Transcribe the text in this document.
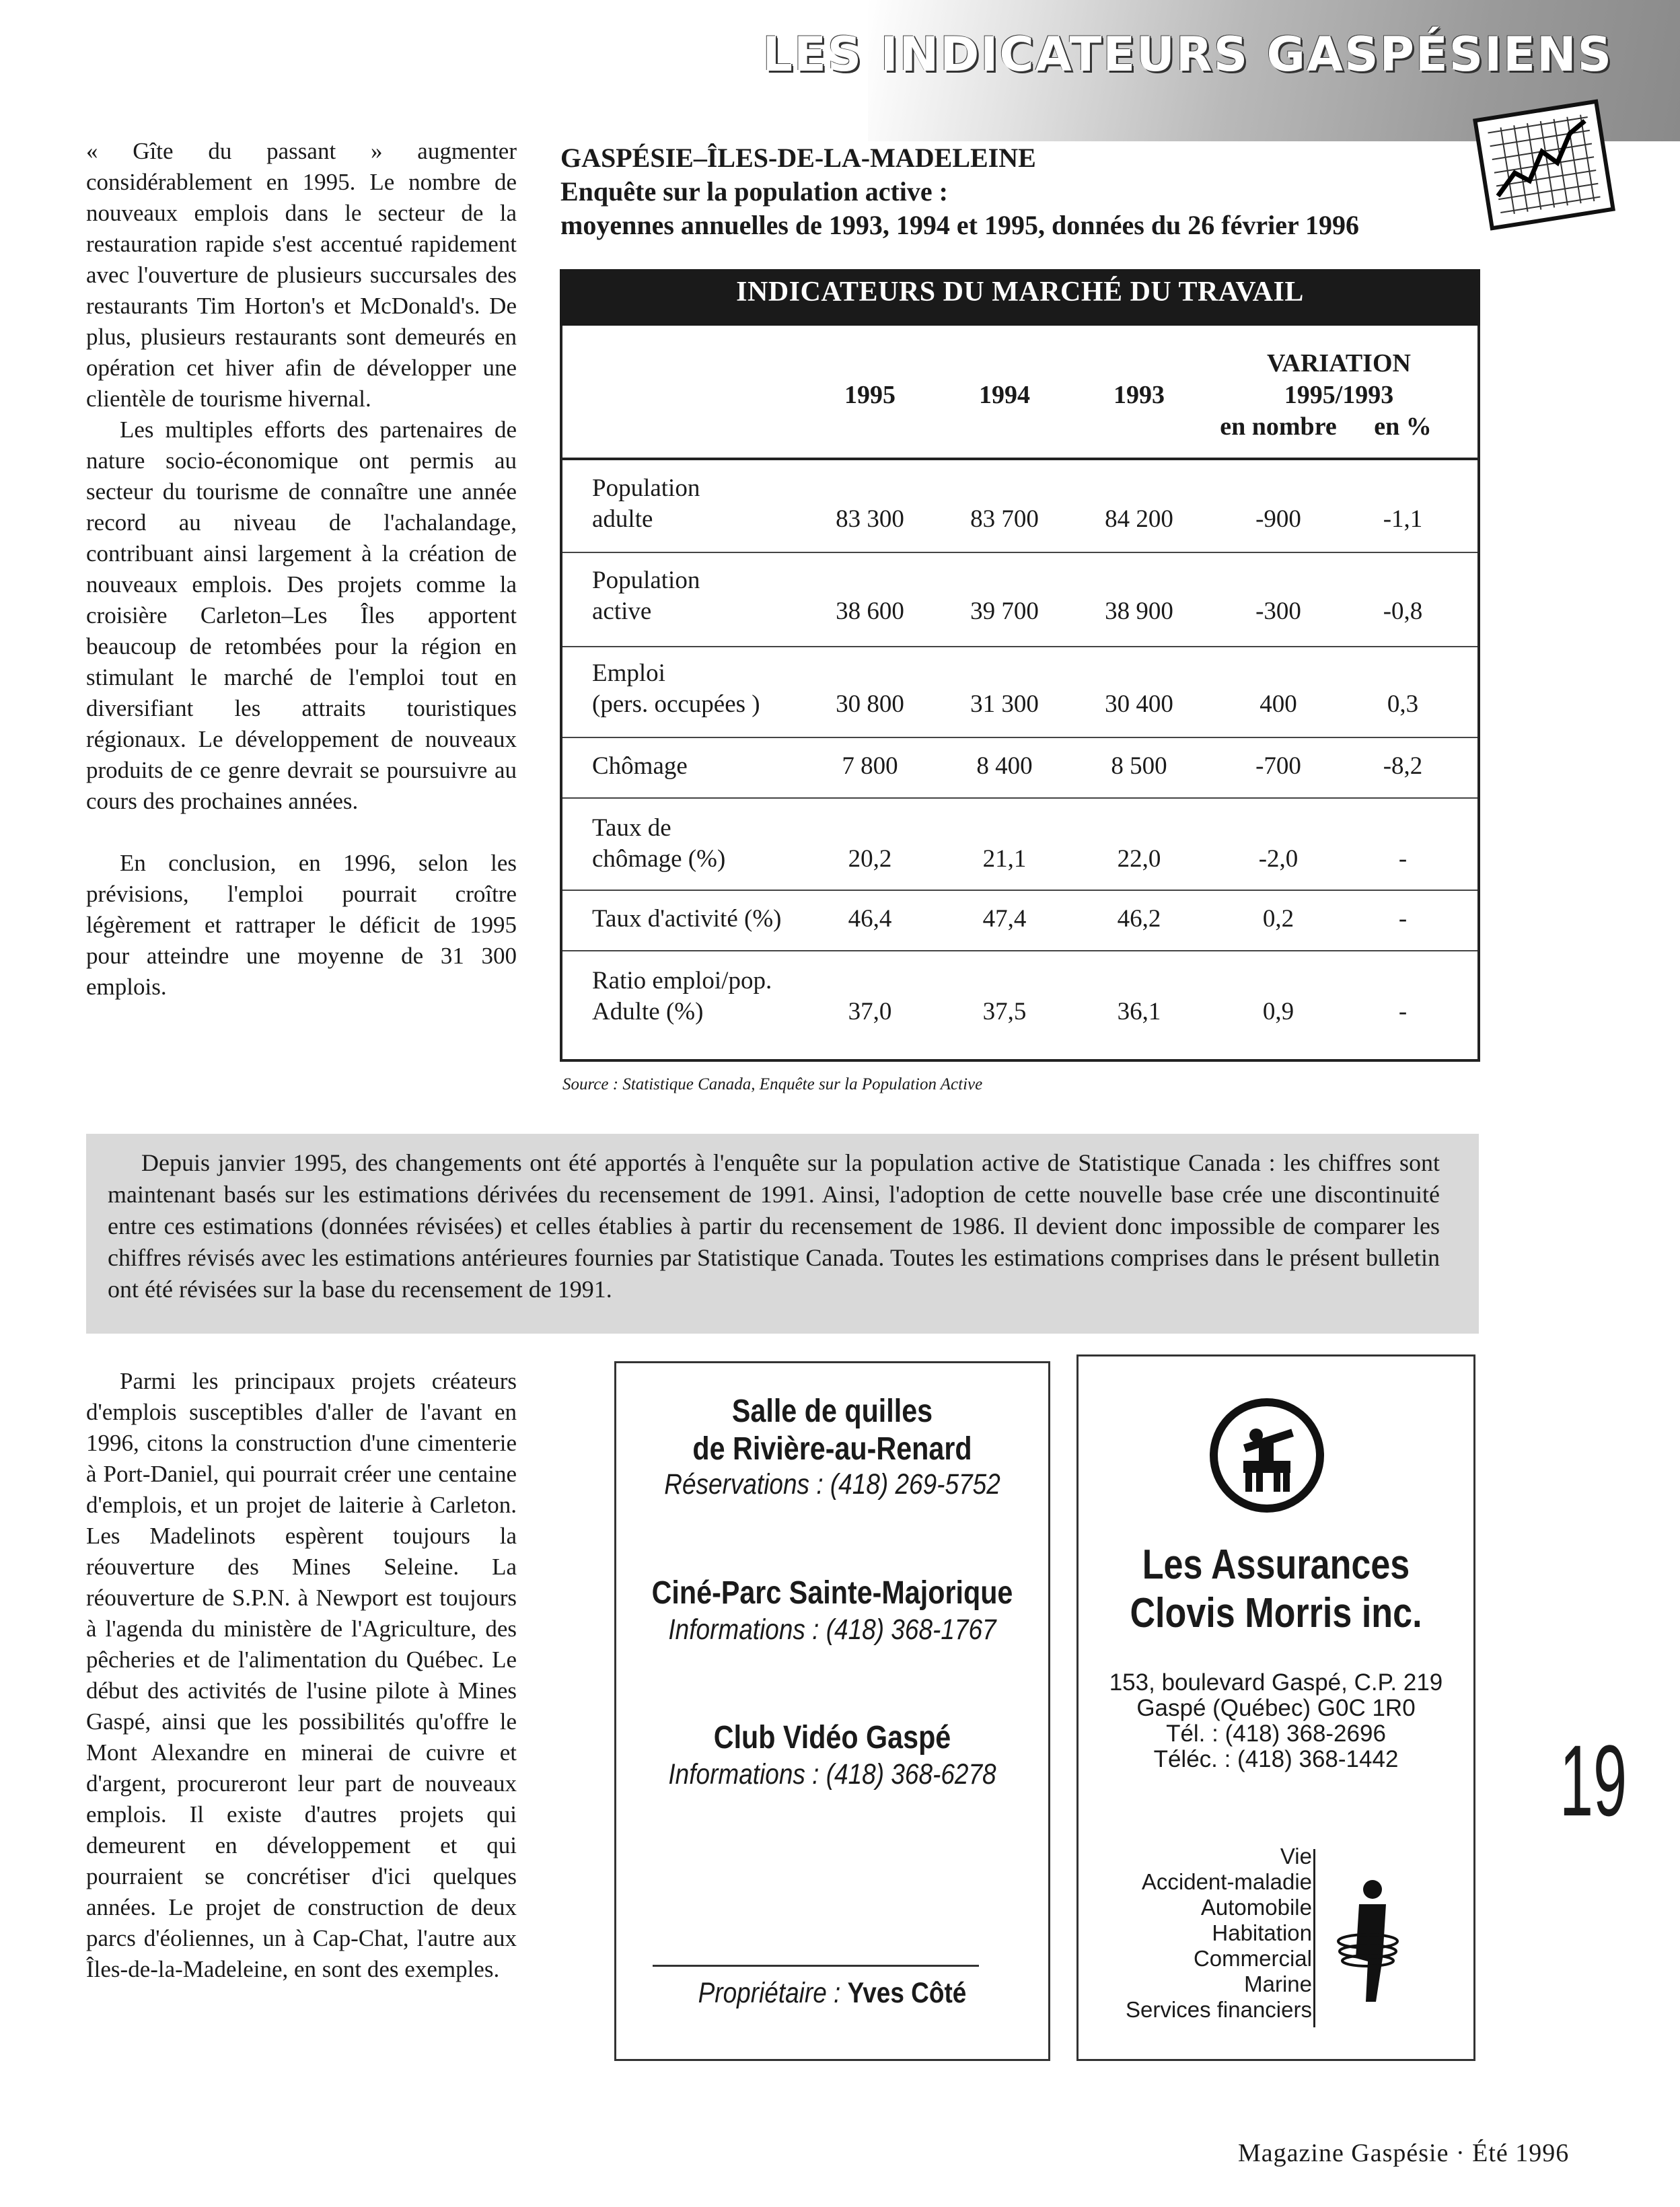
LES INDICATEURS GASPÉSIENS

« Gîte du passant » augmenter considérablement en 1995. Le nombre de nouveaux emplois dans le secteur de la restauration rapide s'est accentué rapidement avec l'ouverture de plusieurs succursales des restaurants Tim Horton's et McDonald's. De plus, plusieurs restaurants sont demeurés en opération cet hiver afin de développer une clientèle de tourisme hivernal.

Les multiples efforts des partenaires de nature socio-économique ont permis au secteur du tourisme de connaître une année record au niveau de l'achalandage, contribuant ainsi largement à la création de nouveaux emplois. Des projets comme la croisière Carleton–Les Îles apportent beaucoup de retombées pour la région en stimulant le marché de l'emploi tout en diversifiant les attraits touristiques régionaux. Le développement de nouveaux produits de ce genre devrait se poursuivre au cours des prochaines années.

En conclusion, en 1996, selon les prévisions, l'emploi pourrait croître légèrement et rattraper le déficit de 1995 pour atteindre une moyenne de 31 300 emplois.

GASPÉSIE–ÎLES-DE-LA-MADELEINE
Enquête sur la population active :
moyennes annuelles de 1993, 1994 et 1995, données du 26 février 1996
INDICATEURS DU MARCHÉ DU TRAVAIL
1995	1994	1993
VARIATION
1995/1993
en nombre	en %
Population
adulte	83 300	83 700	84 200	-900	-1,1
Population
active	38 600	39 700	38 900	-300	-0,8
Emploi
(pers. occupées )	30 800	31 300	30 400	400	0,3
Chômage	7 800	8 400	8 500	-700	-8,2
Taux de
chômage (%)	20,2	21,1	22,0	-2,0	-
Taux d'activité (%)	46,4	47,4	46,2	0,2	-
Ratio emploi/pop.
Adulte (%)	37,0	37,5	36,1	0,9	-
Source : Statistique Canada, Enquête sur la Population Active

Depuis janvier 1995, des changements ont été apportés à l'enquête sur la population active de Statistique Canada : les chiffres sont maintenant basés sur les estimations dérivées du recensement de 1991. Ainsi, l'adoption de cette nouvelle base crée une discontinuité entre ces estimations (données révisées) et celles établies à partir du recensement de 1986. Il devient donc impossible de comparer les chiffres révisés avec les estimations antérieures fournies par Statistique Canada. Toutes les estimations comprises dans le présent bulletin ont été révisées sur la base du recensement de 1991.

Parmi les principaux projets créateurs d'emplois susceptibles d'aller de l'avant en 1996, citons la construction d'une cimenterie à Port-Daniel, qui pourrait créer une centaine d'emplois, et un projet de laiterie à Carleton. Les Madelinots espèrent toujours la réouverture des Mines Seleine. La réouverture de S.P.N. à Newport est toujours à l'agenda du ministère de l'Agriculture, des pêcheries et de l'alimentation du Québec. Le début des activités de l'usine pilote à Mines Gaspé, ainsi que les possibilités qu'offre le Mont Alexandre en minerai de cuivre et d'argent, procureront leur part de nouveaux emplois. Il existe d'autres projets qui demeurent en développement et qui pourraient se concrétiser d'ici quelques années. Le projet de construction de deux parcs d'éoliennes, un à Cap-Chat, l'autre aux Îles-de-la-Madeleine, en sont des exemples.

Salle de quilles
de Rivière-au-Renard
Réservations : (418) 269-5752
Ciné-Parc Sainte-Majorique
Informations : (418) 368-1767
Club Vidéo Gaspé
Informations : (418) 368-6278
Propriétaire : Yves Côté
Les Assurances
Clovis Morris inc.
153, boulevard Gaspé, C.P. 219
Gaspé (Québec) G0C 1R0
Tél. : (418) 368-2696
Téléc. : (418) 368-1442
Vie
Accident-maladie
Automobile
Habitation
Commercial
Marine
Services financiers
19
Magazine Gaspésie · Été 1996
